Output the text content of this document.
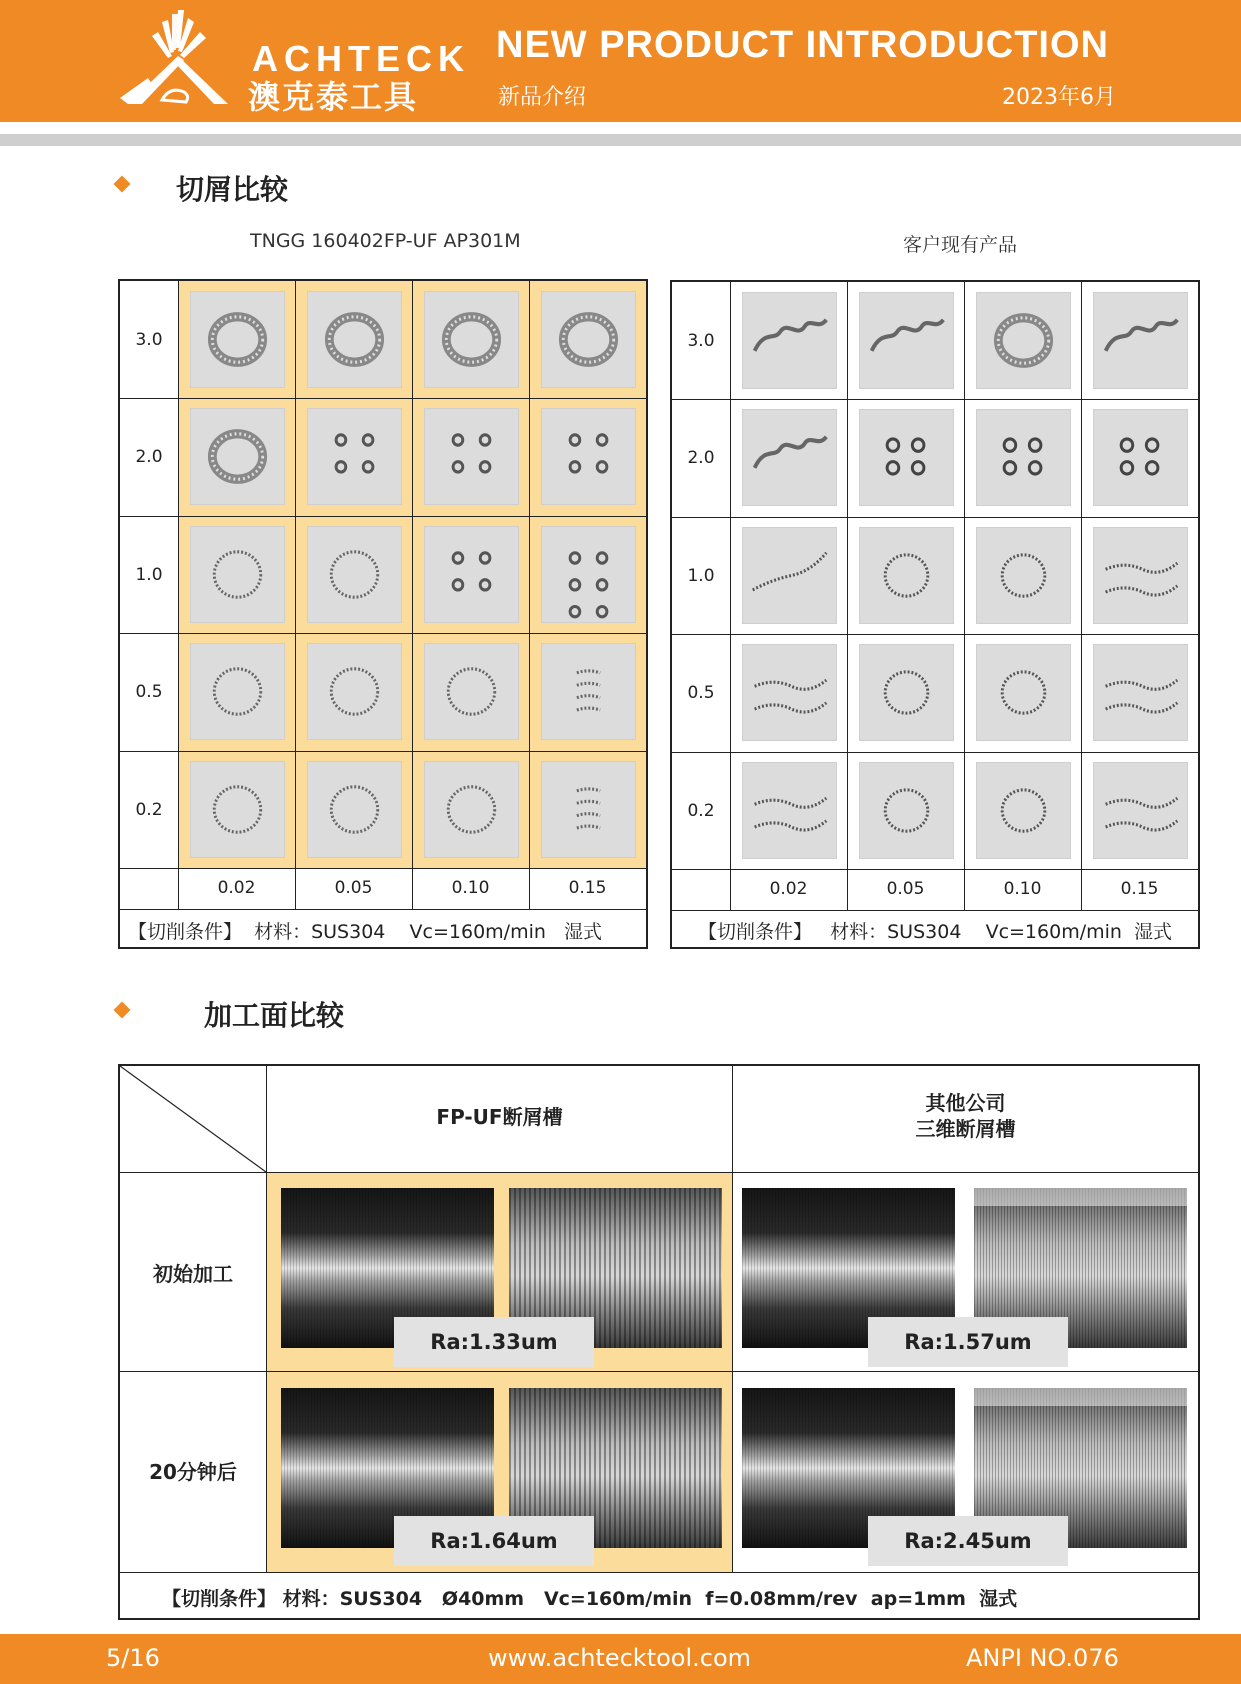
ACHTECK
澳克泰工具
NEW PRODUCT INTRODUCTION
新品介绍	2023年6月
切屑比较
TNGG 160402FP-UF AP301M	客户现有产品
3.0
2.0
1.0
0.5
0.2
0.02	0.05	0.10	0.15
【切削条件】  材料：SUS304    Vc=160m/min   湿式
3.0
2.0
1.0
0.5
0.2
0.02	0.05	0.10	0.15
【切削条件】   材料：SUS304    Vc=160m/min  湿式
加工面比较
FP-UF断屑槽
其他公司
三维断屑槽
初始加工
20分钟后
Ra:1.33um	Ra:1.57um
Ra:1.64um	Ra:2.45um
【切削条件】 材料：SUS304   Ø40mm   Vc=160m/min  f=0.08mm/rev  ap=1mm  湿式
5/16	www.achtecktool.com	ANPI NO.076
